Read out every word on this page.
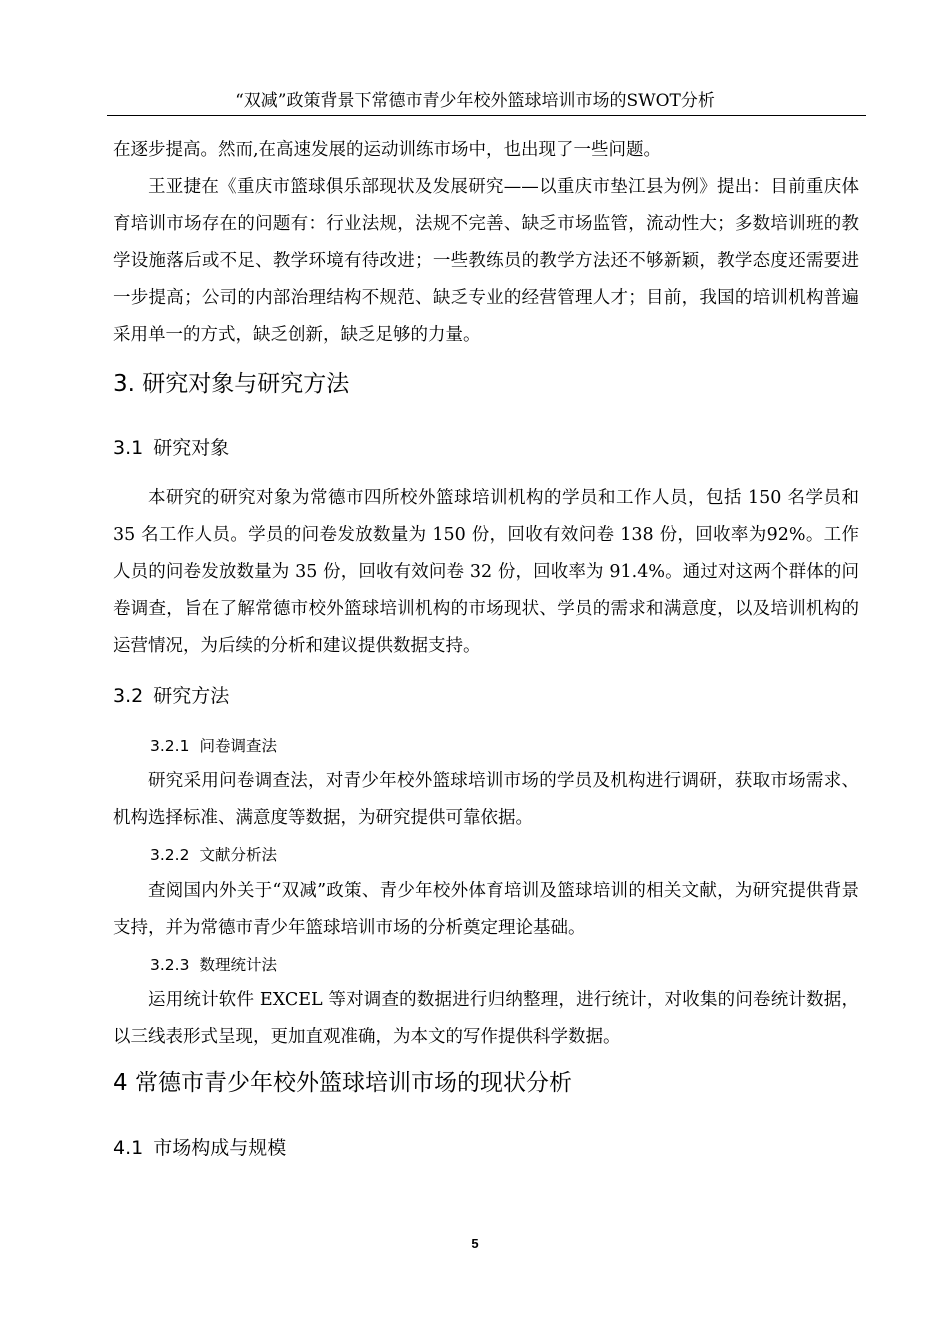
“双减”政策背景下常德市青少年校外篮球培训市场的SWOT分析
在逐步提高。然而,在高速发展的运动训练市场中，也出现了一些问题。
王亚捷在《重庆市篮球俱乐部现状及发展研究——以重庆市垫江县为例》提出：目前重庆体育培训市场存在的问题有：行业法规，法规不完善、缺乏市场监管，流动性大；多数培训班的教学设施落后或不足、教学环境有待改进；一些教练员的教学方法还不够新颖，教学态度还需要进一步提高；公司的内部治理结构不规范、缺乏专业的经营管理人才；目前，我国的培训机构普遍采用单一的方式，缺乏创新，缺乏足够的力量。
3. 研究对象与研究方法
3.1 研究对象
本研究的研究对象为常德市四所校外篮球培训机构的学员和工作人员，包括 150 名学员和 35 名工作人员。学员的问卷发放数量为 150 份，回收有效问卷 138 份，回收率为92%。工作人员的问卷发放数量为 35 份，回收有效问卷 32 份，回收率为 91.4%。通过对这两个群体的问卷调查，旨在了解常德市校外篮球培训机构的市场现状、学员的需求和满意度，以及培训机构的运营情况，为后续的分析和建议提供数据支持。
3.2 研究方法
3.2.1 问卷调查法
研究采用问卷调查法，对青少年校外篮球培训市场的学员及机构进行调研，获取市场需求、机构选择标准、满意度等数据，为研究提供可靠依据。
3.2.2 文献分析法
查阅国内外关于“双减”政策、青少年校外体育培训及篮球培训的相关文献，为研究提供背景支持，并为常德市青少年篮球培训市场的分析奠定理论基础。
3.2.3 数理统计法
运用统计软件 EXCEL 等对调查的数据进行归纳整理，进行统计，对收集的问卷统计数据，以三线表形式呈现，更加直观准确，为本文的写作提供科学数据。
4 常德市青少年校外篮球培训市场的现状分析
4.1 市场构成与规模
5
